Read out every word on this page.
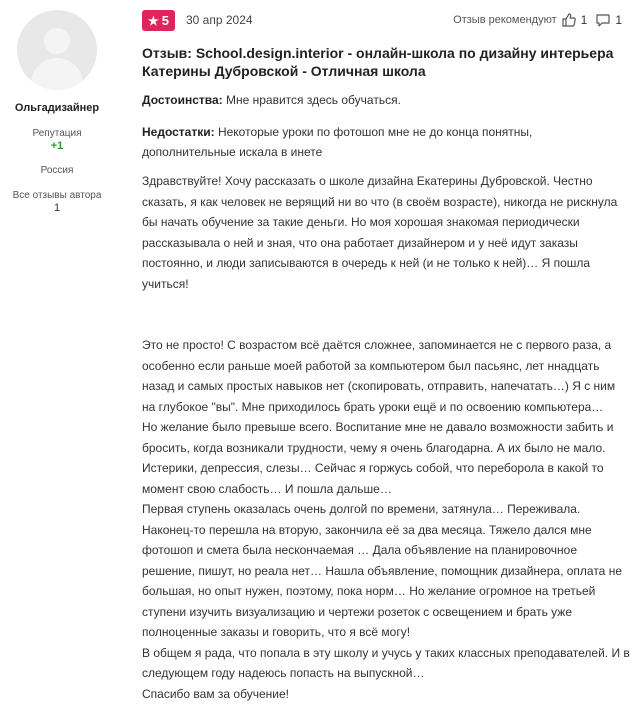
Ольгадизайнер
Репутация
+1
Россия
Все отзывы автора
1
★ 5 30 апр 2024	Отзыв рекомендуют 1 1
Отзыв: School.design.interior - онлайн-школа по дизайну интерьера Катерины Дубровской - Отличная школа
Достоинства: Мне нравится здесь обучаться.
Недостатки: Некоторые уроки по фотошоп мне не до конца понятны, дополнительные искала в инете

Здравствуйте! Хочу рассказать о школе дизайна Екатерины Дубровской. Честно сказать, я как человек не верящий ни во что (в своём возрасте), никогда не рискнула бы начать обучение за такие деньги. Но моя хорошая знакомая периодически рассказывала о ней и зная, что она работает дизайнером и у неё идут заказы постоянно, и люди записываются в очередь к ней (и не только к ней)… Я пошла учиться!

Это не просто! С возрастом всё даётся сложнее, запоминается не с первого раза, а особенно если раньше моей работой за компьютером был пасьянс, лет ннадцать назад и самых простых навыков нет (скопировать, отправить, напечатать…) Я с ним на глубокое "вы". Мне приходилось брать уроки ещё и по освоению компьютера…

Но желание было превыше всего. Воспитание мне не давало возможности забить и бросить, когда возникали трудности, чему я очень благодарна. А их было не мало. Истерики, депрессия, слезы… Сейчас я горжусь собой, что переборола в какой то момент свою слабость… И пошла дальше…

Первая ступень оказалась очень долгой по времени, затянула… Переживала. Наконец-то перешла на вторую, закончила её за два месяца. Тяжело дался мне фотошоп и смета была нескончаемая … Дала объявление на планировочное решение, пишут, но реала нет… Нашла объявление, помощник дизайнера, оплата не большая, но опыт нужен, поэтому, пока норм… Но желание огромное на третьей ступени изучить визуализацию и чертежи розеток с освещением и брать уже полноценные заказы и говорить, что я всё могу!

В общем я рада, что попала в эту школу и учусь у таких классных преподавателей. И в следующем году надеюсь попасть на выпускной…

Спасибо вам за обучение!
